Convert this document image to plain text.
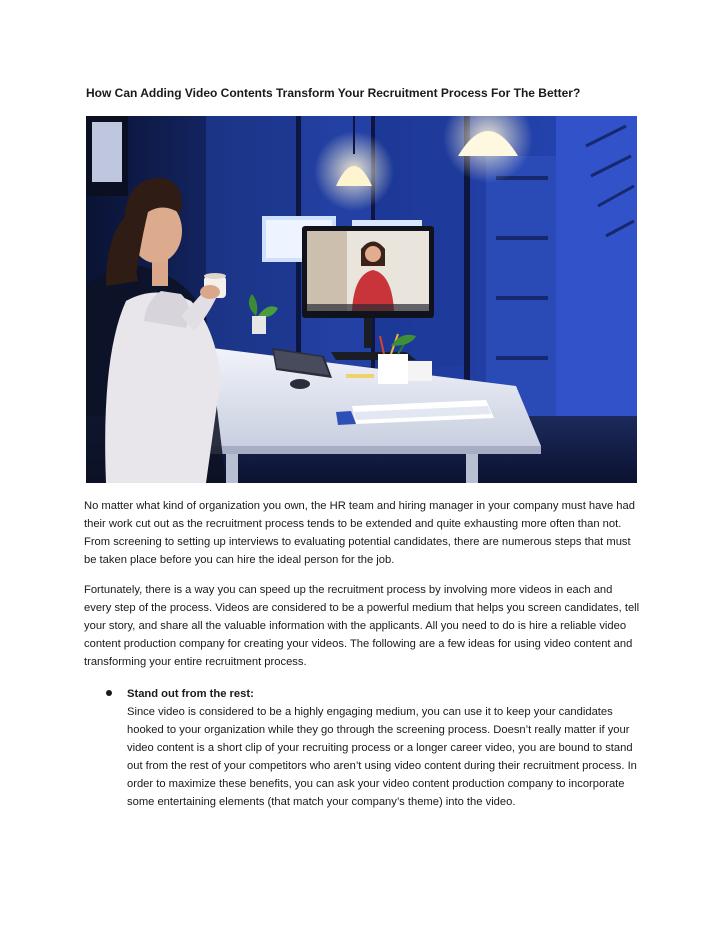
How Can Adding Video Contents Transform Your Recruitment Process For The Better?
No matter what kind of organization you own, the HR team and hiring manager in your company must have had their work cut out as the recruitment process tends to be extended and quite exhausting more often than not. From screening to setting up interviews to evaluating potential candidates, there are numerous steps that must be taken place before you can hire the ideal person for the job.
Fortunately, there is a way you can speed up the recruitment process by involving more videos in each and every step of the process. Videos are considered to be a powerful medium that helps you screen candidates, tell your story, and share all the valuable information with the applicants. All you need to do is hire a reliable video content production company for creating your videos. The following are a few ideas for using video content and transforming your entire recruitment process.
Stand out from the rest:
Since video is considered to be a highly engaging medium, you can use it to keep your candidates hooked to your organization while they go through the screening process. Doesn’t really matter if your video content is a short clip of your recruiting process or a longer career video, you are bound to stand out from the rest of your competitors who aren’t using video content during their recruitment process. In order to maximize these benefits, you can ask your video content production company to incorporate some entertaining elements (that match your company’s theme) into the video.
